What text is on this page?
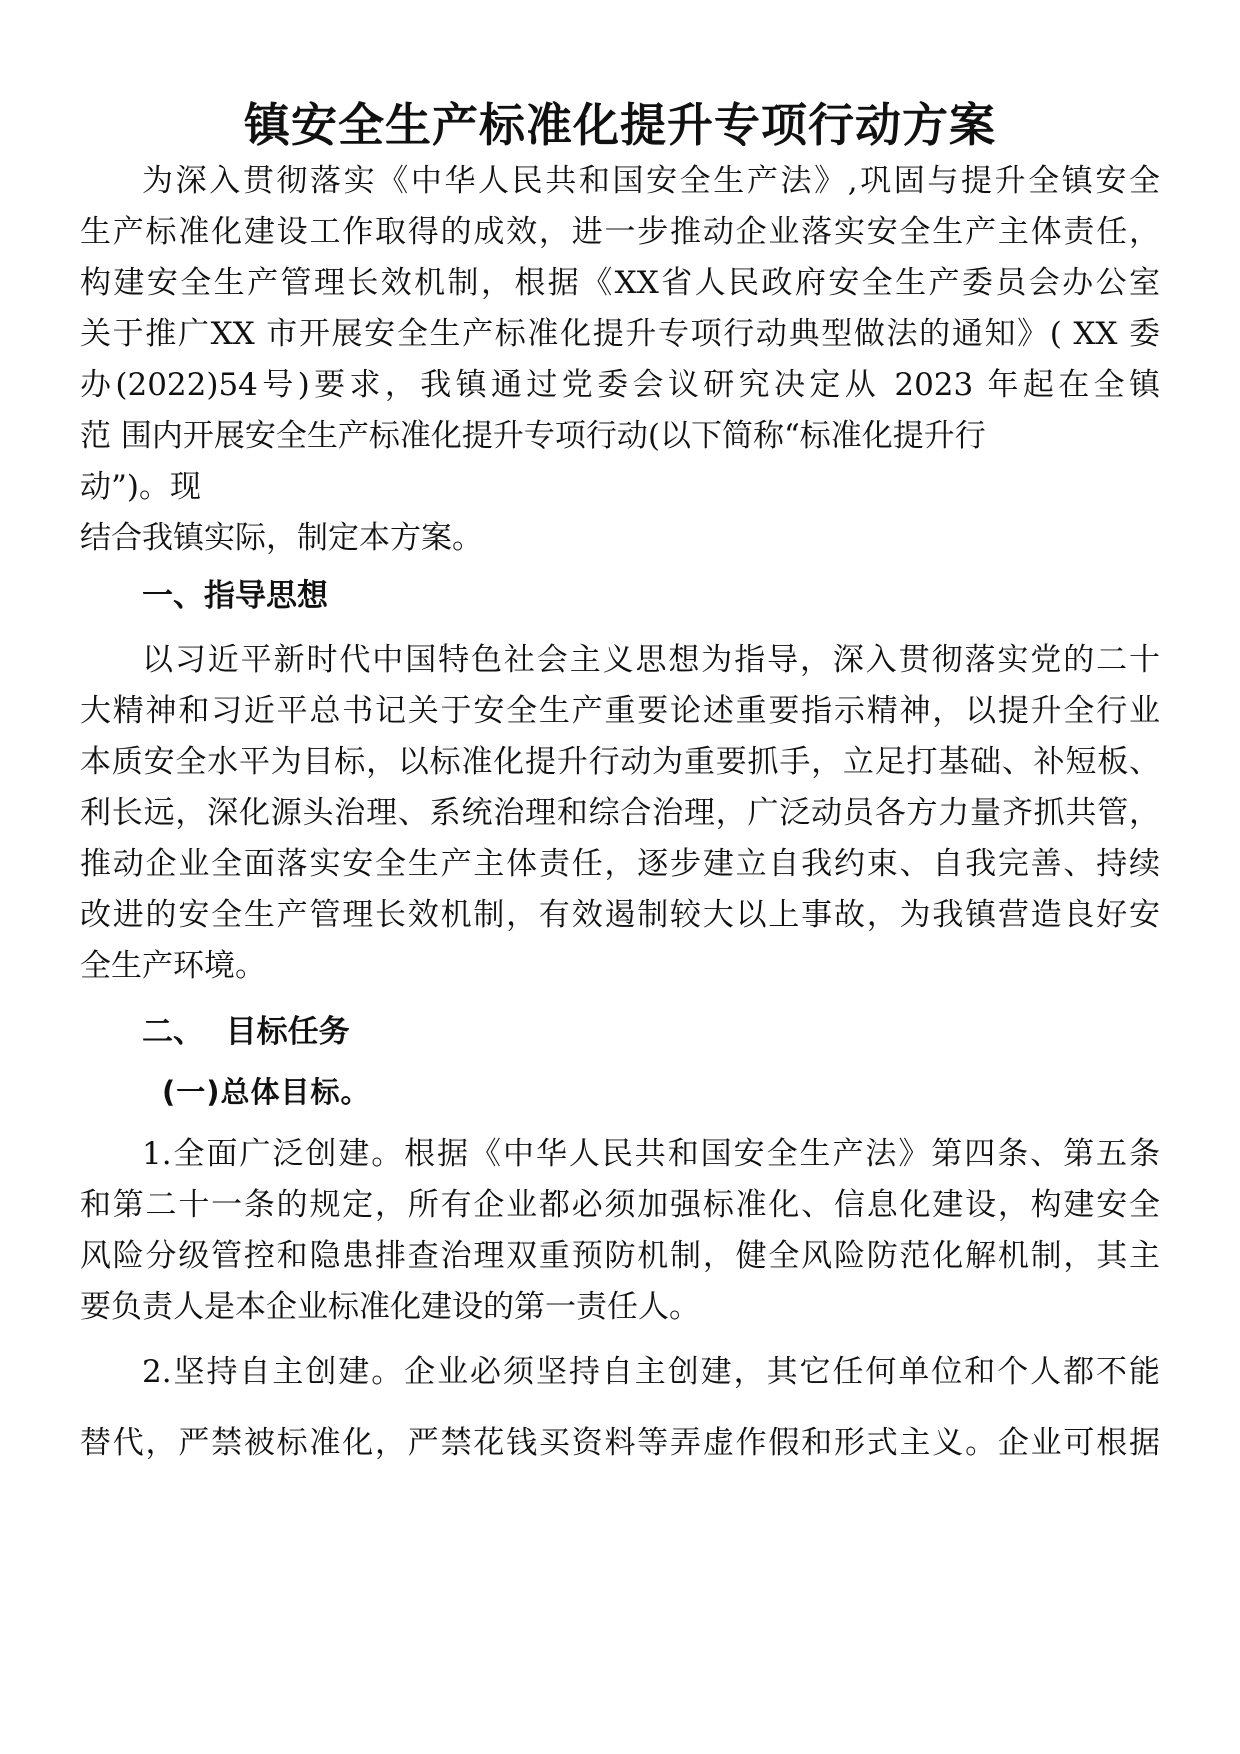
镇安全生产标准化提升专项行动方案
为深入贯彻落实《中华人民共和国安全生产法》,巩固与提升全镇安全
生产标准化建设工作取得的成效，进一步推动企业落实安全生产主体责任，
构建安全生产管理长效机制，根据《XX省人民政府安全生产委员会办公室
关于推广XX 市开展安全生产标准化提升专项行动典型做法的通知》( XX 委
办(2022)54号)要求，我镇通过党委会议研究决定从 2023 年起在全镇
范 围内开展安全生产标准化提升专项行动(以下简称“标准化提升行
动”)。现
结合我镇实际，制定本方案。
一、指导思想
以习近平新时代中国特色社会主义思想为指导，深入贯彻落实党的二十
大精神和习近平总书记关于安全生产重要论述重要指示精神，以提升全行业
本质安全水平为目标，以标准化提升行动为重要抓手，立足打基础、补短板、
利长远，深化源头治理、系统治理和综合治理，广泛动员各方力量齐抓共管，
推动企业全面落实安全生产主体责任，逐步建立自我约束、自我完善、持续
改进的安全生产管理长效机制，有效遏制较大以上事故，为我镇营造良好安
全生产环境。
二、  目标任务
(一)总体目标。
1.全面广泛创建。根据《中华人民共和国安全生产法》第四条、第五条
和第二十一条的规定，所有企业都必须加强标准化、信息化建设，构建安全
风险分级管控和隐患排查治理双重预防机制，健全风险防范化解机制，其主
要负责人是本企业标准化建设的第一责任人。
2.坚持自主创建。企业必须坚持自主创建，其它任何单位和个人都不能
替代，严禁被标准化，严禁花钱买资料等弄虚作假和形式主义。企业可根据
